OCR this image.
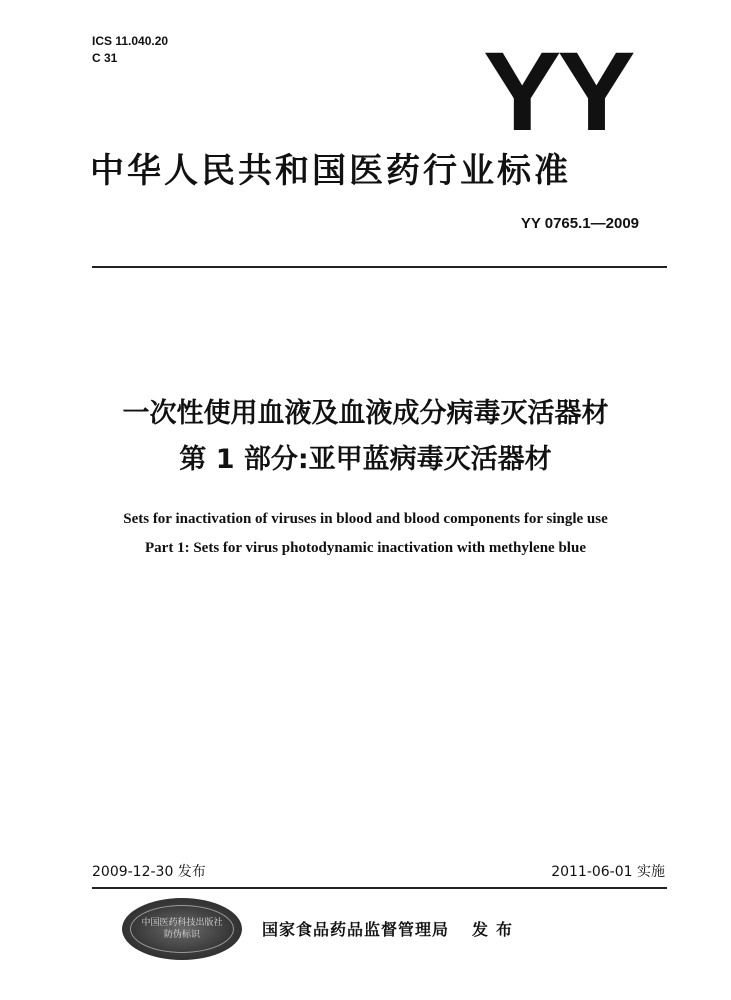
ICS 11.040.20
C 31	YY
中华人民共和国医药行业标准
YY 0765.1—2009
一次性使用血液及血液成分病毒灭活器材
第 1 部分:亚甲蓝病毒灭活器材
Sets for inactivation of viruses in blood and blood components for single use
Part 1: Sets for virus photodynamic inactivation with methylene blue
2009-12-30 发布	2011-06-01 实施
中国医药科技出版社
防伪标识	国家食品药品监督管理局 发布
